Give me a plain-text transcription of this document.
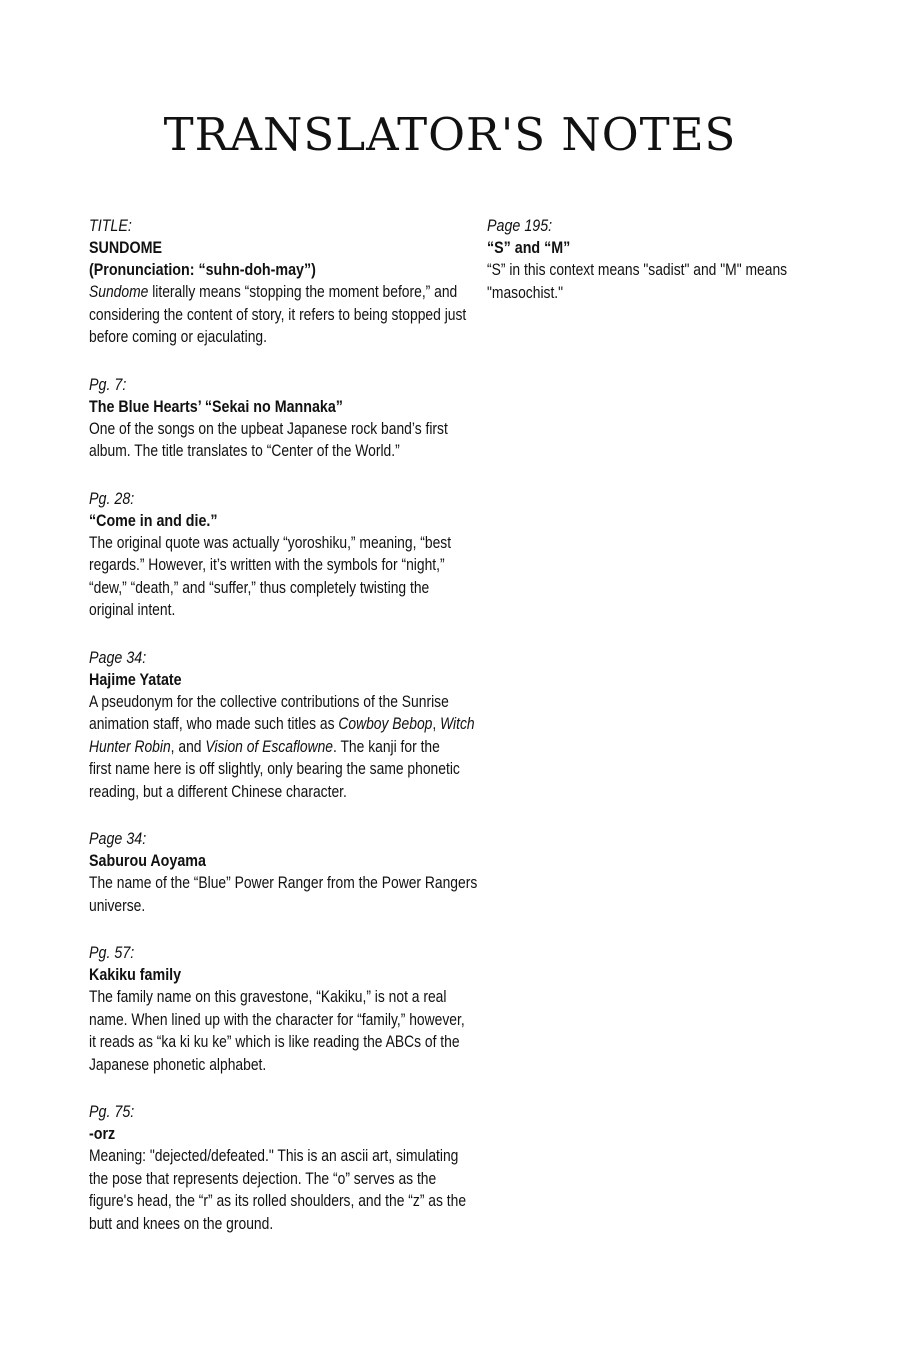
TRANSLATOR'S NOTES
TITLE:
SUNDOME
(Pronunciation: “suhn-doh-may”)
Sundome literally means “stopping the moment before,” and
considering the content of story, it refers to being stopped just
before coming or ejaculating.
Pg. 7:
The Blue Hearts’ “Sekai no Mannaka”
One of the songs on the upbeat Japanese rock band’s first
album. The title translates to “Center of the World.”
Pg. 28:
“Come in and die.”
The original quote was actually “yoroshiku,” meaning, “best
regards.” However, it’s written with the symbols for “night,”
“dew,” “death,” and “suffer,” thus completely twisting the
original intent.
Page 34:
Hajime Yatate
A pseudonym for the collective contributions of the Sunrise
animation staff, who made such titles as Cowboy Bebop, Witch
Hunter Robin, and Vision of Escaflowne. The kanji for the
first name here is off slightly, only bearing the same phonetic
reading, but a different Chinese character.
Page 34:
Saburou Aoyama
The name of the “Blue” Power Ranger from the Power Rangers
universe.
Pg. 57:
Kakiku family
The family name on this gravestone, “Kakiku,” is not a real
name. When lined up with the character for “family,” however,
it reads as “ka ki ku ke” which is like reading the ABCs of the
Japanese phonetic alphabet.
Pg. 75:
-orz
Meaning: "dejected/defeated." This is an ascii art, simulating
the pose that represents dejection. The “o” serves as the
figure's head, the “r” as its rolled shoulders, and the “z” as the
butt and knees on the ground.
Page 195:
“S” and “M”
“S” in this context means "sadist" and "M" means
"masochist."
